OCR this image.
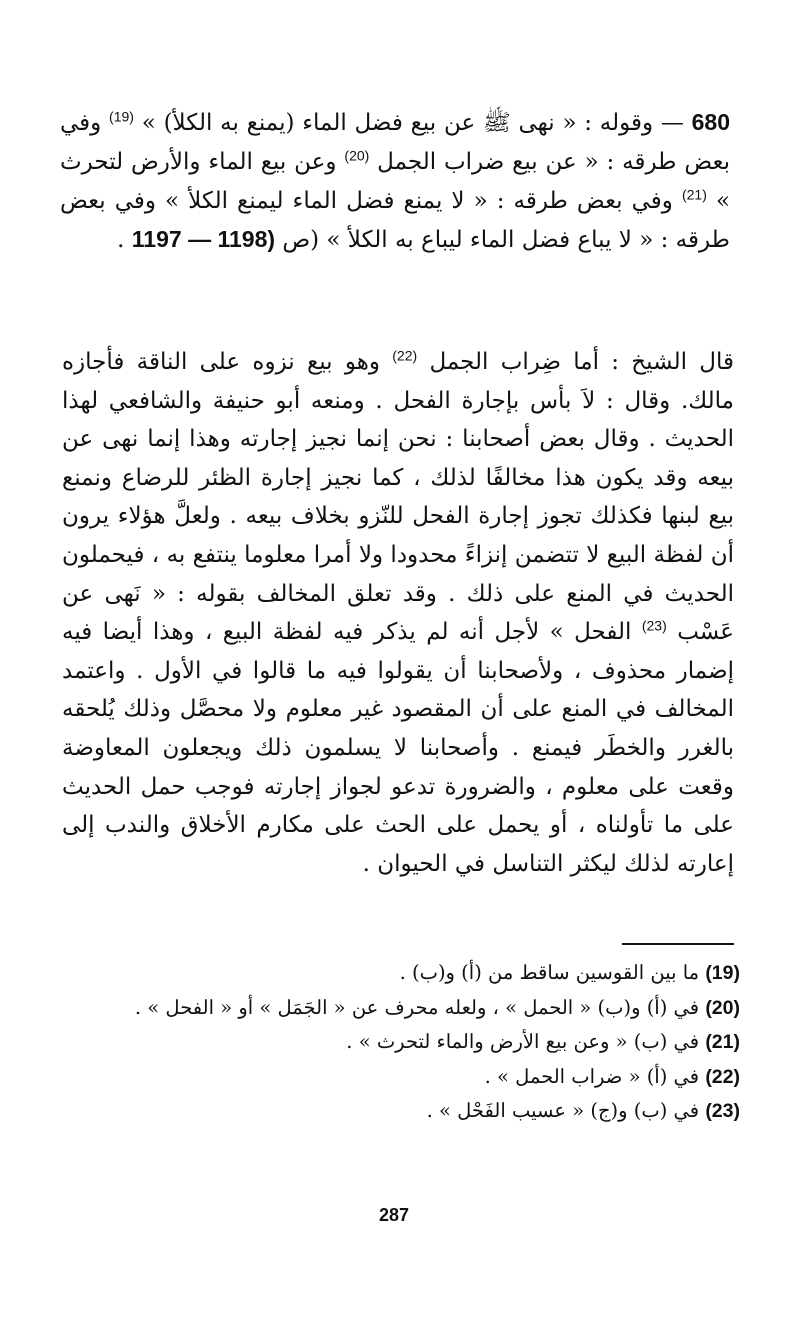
680 — وقوله : « نهى ﷺ عن بيع فضل الماء (يمنع به الكلأ) » $^{(19)}$ وفي بعض طرقه : « عن بيع ضراب الجمل $^{(20)}$ وعن بيع الماء والأرض لتحرث » $^{(21)}$ وفي بعض طرقه : « لا يمنع فضل الماء ليمنع الكلأ » وفي بعض طرقه : « لا يباع فضل الماء ليباع به الكلأ » (ص 1197 — 1198) .

قال الشيخ : أما ضِراب الجمل $^{(22)}$ وهو بيع نزوه على الناقة فأجازه مالك. وقال : لاَ بأس بإجارة الفحل . ومنعه أبو حنيفة والشافعي لهذا الحديث . وقال بعض أصحابنا : نحن إنما نجيز إجارته وهذا إنما نهى عن بيعه وقد يكون هذا مخالفًا لذلك ، كما نجيز إجارة الظئر للرضاع ونمنع بيع لبنها فكذلك تجوز إجارة الفحل للنّزو بخلاف بيعه . ولعلَّ هؤلاء يرون أن لفظة البيع لا تتضمن إنزاءً محدودا ولا أمرا معلوما ينتفع به ، فيحملون الحديث في المنع على ذلك . وقد تعلق المخالف بقوله : « نَهى عن عَسْب $^{(23)}$ الفحل » لأجل أنه لم يذكر فيه لفظة البيع ، وهذا أيضا فيه إضمار محذوف ، ولأصحابنا أن يقولوا فيه ما قالوا في الأول . واعتمد المخالف في المنع على أن المقصود غير معلوم ولا محصَّل وذلك يُلحقه بالغرر والخطَر فيمنع . وأصحابنا لا يسلمون ذلك ويجعلون المعاوضة وقعت على معلوم ، والضرورة تدعو لجواز إجارته فوجب حمل الحديث على ما تأولناه ، أو يحمل على الحث على مكارم الأخلاق والندب إلى إعارته لذلك ليكثر التناسل في الحيوان .

(19) ما بين القوسين ساقط من (أ) و(ب) .

(20) في (أ) و(ب) « الحمل » ، ولعله محرف عن « الجَمَل » أو « الفحل » .

(21) في (ب) « وعن بيع الأرض والماء لتحرث » .

(22) في (أ) « ضراب الحمل » .

(23) في (ب) و(ج) « عسيب الفَحْل » .

287
